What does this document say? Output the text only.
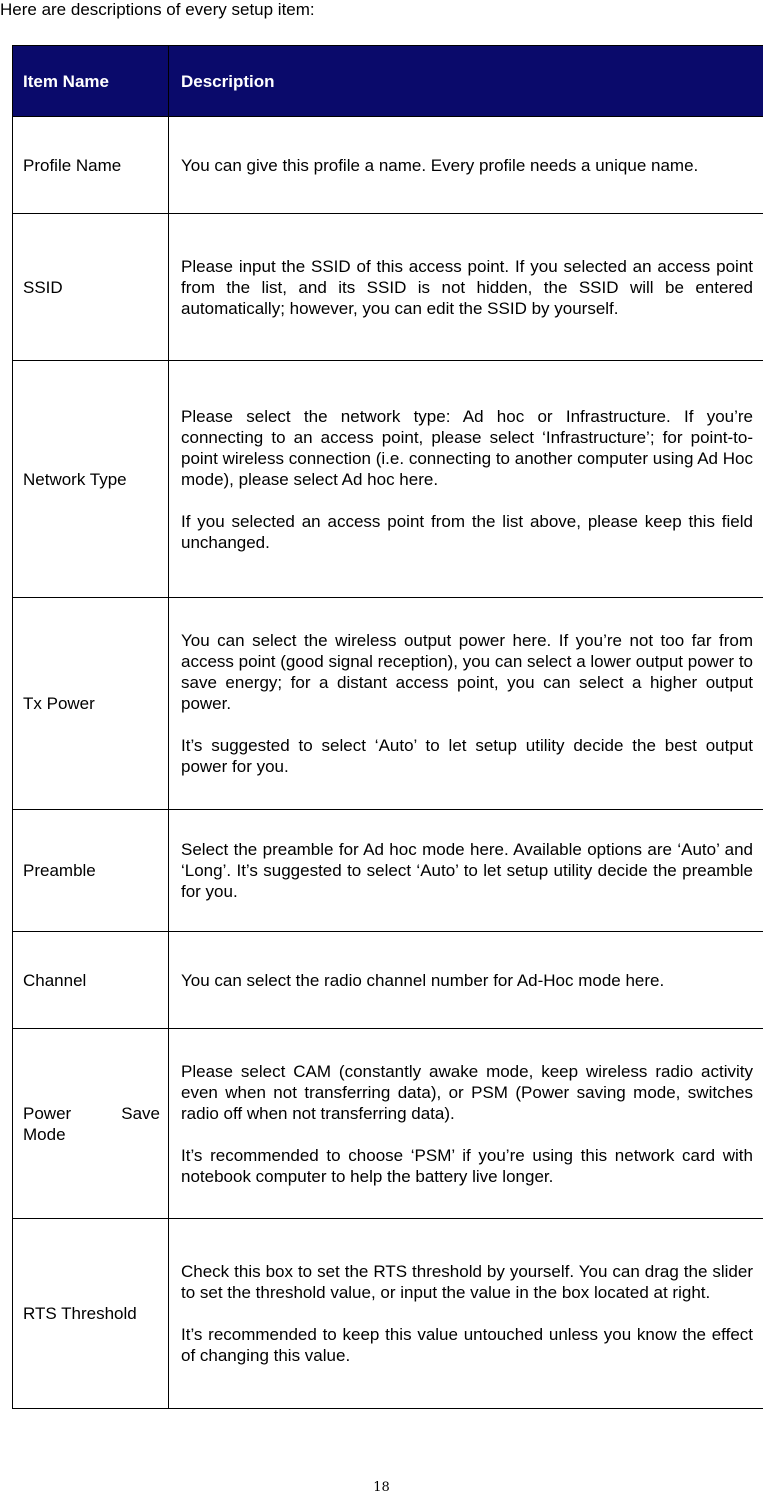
Here are descriptions of every setup item:
Item Name	Description
Profile Name	You can give this profile a name. Every profile needs a unique name.

SSID	Please input the SSID of this access point. If you selected an access point from the list, and its SSID is not hidden, the SSID will be entered automatically; however, you can edit the SSID by yourself.

Network Type	Please select the network type: Ad hoc or Infrastructure. If you’re connecting to an access point, please select ‘Infrastructure’; for point-to-point wireless connection (i.e. connecting to another computer using Ad Hoc mode), please select Ad hoc here.

If you selected an access point from the list above, please keep this field unchanged.

Tx Power	You can select the wireless output power here. If you’re not too far from access point (good signal reception), you can select a lower output power to save energy; for a distant access point, you can select a higher output power.

It’s suggested to select ‘Auto’ to let setup utility decide the best output power for you.

Preamble	Select the preamble for Ad hoc mode here. Available options are ‘Auto’ and ‘Long’. It’s suggested to select ‘Auto’ to let setup utility decide the preamble for you.

Channel	You can select the radio channel number for Ad-Hoc mode here.

Power Save Mode	Please select CAM (constantly awake mode, keep wireless radio activity even when not transferring data), or PSM (Power saving mode, switches radio off when not transferring data).

It’s recommended to choose ‘PSM’ if you’re using this network card with notebook computer to help the battery live longer.

RTS Threshold	Check this box to set the RTS threshold by yourself. You can drag the slider to set the threshold value, or input the value in the box located at right.

It’s recommended to keep this value untouched unless you know the effect of changing this value.

18
